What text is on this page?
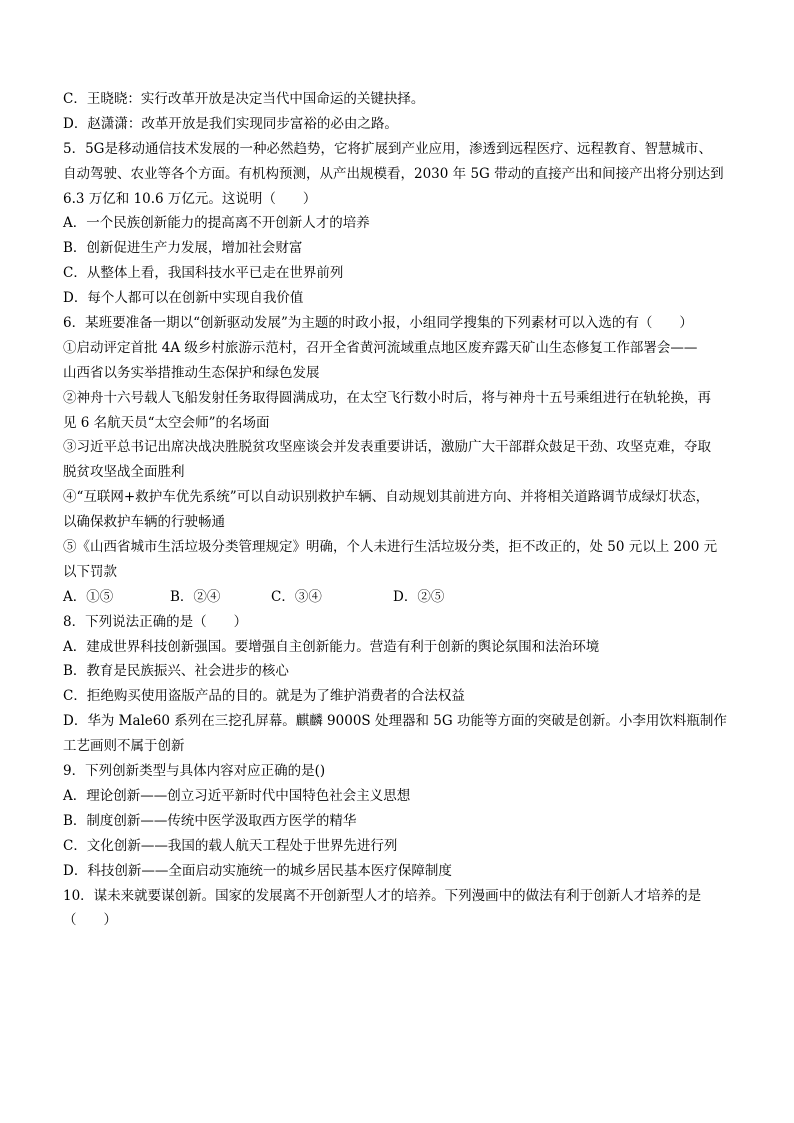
C．王晓晓：实行改革开放是决定当代中国命运的关键抉择。
D．赵潇潇：改革开放是我们实现同步富裕的必由之路。
5．5G是移动通信技术发展的一种必然趋势，它将扩展到产业应用，渗透到远程医疗、远程教育、智慧城市、
自动驾驶、农业等各个方面。有机构预测，从产出规模看，2030 年 5G 带动的直接产出和间接产出将分别达到
6.3 万亿和 10.6 万亿元。这说明（　　）
A．一个民族创新能力的提高离不开创新人才的培养
B．创新促进生产力发展，增加社会财富
C．从整体上看，我国科技水平已走在世界前列
D．每个人都可以在创新中实现自我价值
6．某班要准备一期以“创新驱动发展”为主题的时政小报，小组同学搜集的下列素材可以入选的有（　　）
①启动评定首批 4A 级乡村旅游示范村，召开全省黄河流域重点地区废弃露天矿山生态修复工作部署会——
山西省以务实举措推动生态保护和绿色发展
②神舟十六号载人飞船发射任务取得圆满成功，在太空飞行数小时后，将与神舟十五号乘组进行在轨轮换，再
见 6 名航天员“太空会师”的名场面
③习近平总书记出席决战决胜脱贫攻坚座谈会并发表重要讲话，激励广大干部群众鼓足干劲、攻坚克难，夺取
脱贫攻坚战全面胜利
④“互联网+救护车优先系统”可以自动识别救护车辆、自动规划其前进方向、并将相关道路调节成绿灯状态，
以确保救护车辆的行驶畅通
⑤《山西省城市生活垃圾分类管理规定》明确，个人未进行生活垃圾分类，拒不改正的，处 50 元以上 200 元
以下罚款
A．①⑤	B．②④	C．③④	D．②⑤
8．下列说法正确的是（　　）
A．建成世界科技创新强国。要增强自主创新能力。营造有利于创新的舆论氛围和法治环境
B．教育是民族振兴、社会进步的核心
C．拒绝购买使用盗版产品的目的。就是为了维护消费者的合法权益
D．华为 Male60 系列在三挖孔屏幕。麒麟 9000S 处理器和 5G 功能等方面的突破是创新。小李用饮料瓶制作
工艺画则不属于创新
9．下列创新类型与具体内容对应正确的是()
A．理论创新——创立习近平新时代中国特色社会主义思想
B．制度创新——传统中医学汲取西方医学的精华
C．文化创新——我国的载人航天工程处于世界先进行列
D．科技创新——全面启动实施统一的城乡居民基本医疗保障制度
10．谋未来就要谋创新。国家的发展离不开创新型人才的培养。下列漫画中的做法有利于创新人才培养的是
（　　）
